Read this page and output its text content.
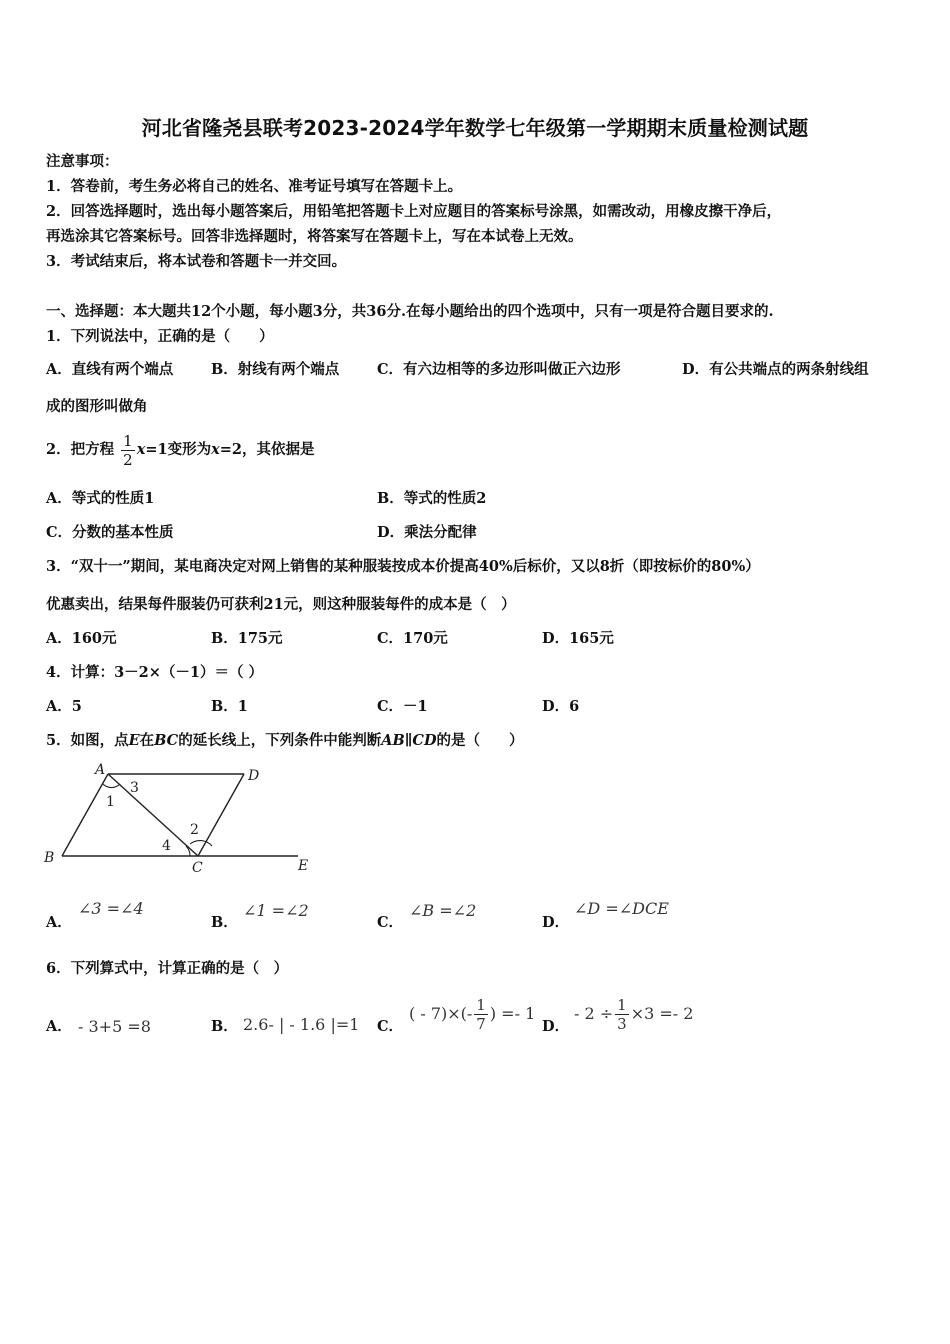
河北省隆尧县联考2023-2024学年数学七年级第一学期期末质量检测试题
注意事项：
1．答卷前，考生务必将自己的姓名、准考证号填写在答题卡上。
2．回答选择题时，选出每小题答案后，用铅笔把答题卡上对应题目的答案标号涂黑，如需改动，用橡皮擦干净后，
再选涂其它答案标号。回答非选择题时，将答案写在答题卡上，写在本试卷上无效。
3．考试结束后，将本试卷和答题卡一并交回。
一、选择题：本大题共12个小题，每小题3分，共36分.在每小题给出的四个选项中，只有一项是符合题目要求的.
1．下列说法中，正确的是（　　）
A．直线有两个端点	B．射线有两个端点	C．有六边相等的多边形叫做正六边形	D．有公共端点的两条射线组
成的图形叫做角
2．把方程 $\frac{1}{2} x=1$变形为x=2，其依据是
A．等式的性质1	B．等式的性质2
C．分数的基本性质	D．乘法分配律
3．“双十一”期间，某电商决定对网上销售的某种服装按成本价提高40%后标价，又以8折（即按标价的80%）
优惠卖出，结果每件服装仍可获利21元，则这种服装每件的成本是（　）
A．160元	B．175元	C．170元	D．165元
4．计算：3－2×（－1）＝（ ）
A．5	B．1	C．－1	D．6
5．如图，点E在BC的延长线上，下列条件中能判断AB∥CD的是（　　）
A	D
B
C	E
1
2
3
4
A．
∠3 =∠4
B．
∠1 =∠2
C．
∠B =∠2
D．
∠D =∠DCE
6．下列算式中，计算正确的是（　）
A． - 3+5 =8	B． 2.6- | - 1.6 |=1 C．
( - $7)\times(- \frac{1}{7}$ ) =- 1
D．
- $2 \div \frac{1}{3} \times 3 =- 2$
